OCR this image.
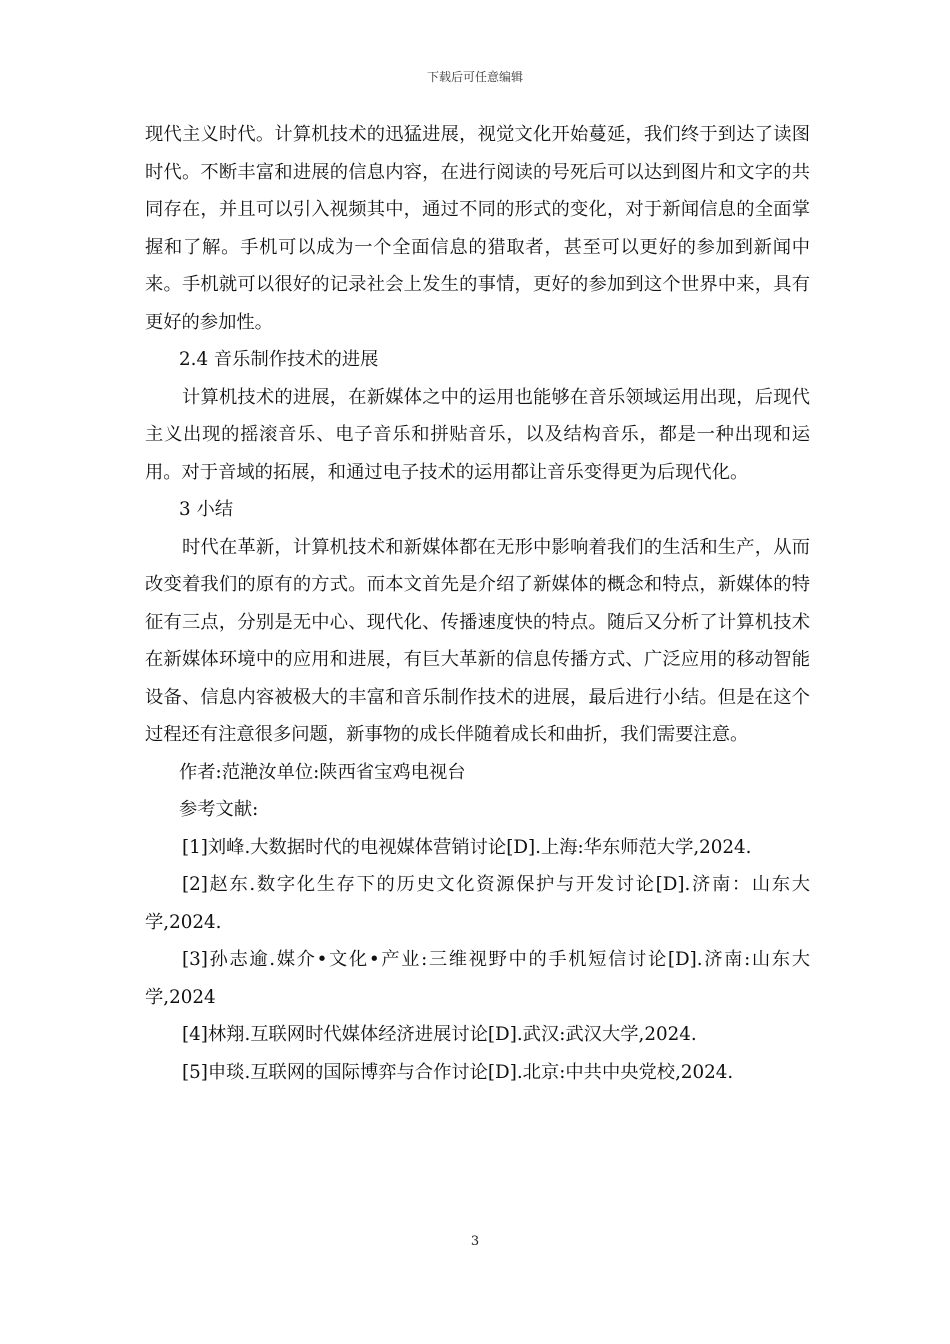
下载后可任意编辑

现代主义时代。计算机技术的迅猛进展，视觉文化开始蔓延，我们终于到达了读图时代。不断丰富和进展的信息内容，在进行阅读的号死后可以达到图片和文字的共同存在，并且可以引入视频其中，通过不同的形式的变化，对于新闻信息的全面掌握和了解。手机可以成为一个全面信息的猎取者，甚至可以更好的参加到新闻中来。手机就可以很好的记录社会上发生的事情，更好的参加到这个世界中来，具有更好的参加性。

2.4 音乐制作技术的进展

计算机技术的进展，在新媒体之中的运用也能够在音乐领域运用出现，后现代主义出现的摇滚音乐、电子音乐和拼贴音乐，以及结构音乐，都是一种出现和运用。对于音域的拓展，和通过电子技术的运用都让音乐变得更为后现代化。

3 小结

时代在革新，计算机技术和新媒体都在无形中影响着我们的生活和生产，从而改变着我们的原有的方式。而本文首先是介绍了新媒体的概念和特点，新媒体的特征有三点，分别是无中心、现代化、传播速度快的特点。随后又分析了计算机技术在新媒体环境中的应用和进展，有巨大革新的信息传播方式、广泛应用的移动智能设备、信息内容被极大的丰富和音乐制作技术的进展，最后进行小结。但是在这个过程还有注意很多问题，新事物的成长伴随着成长和曲折，我们需要注意。

作者:范滟汝单位:陕西省宝鸡电视台

参考文献:

[1]刘峰.大数据时代的电视媒体营销讨论[D].上海:华东师范大学,2024.

[2]赵东.数字化生存下的历史文化资源保护与开发讨论[D].济南：山东大学,2024.

[3]孙志逾.媒介•文化•产业:三维视野中的手机短信讨论[D].济南:山东大学,2024

[4]林翔.互联网时代媒体经济进展讨论[D].武汉:武汉大学,2024.

[5]申琰.互联网的国际博弈与合作讨论[D].北京:中共中央党校,2024.

3
